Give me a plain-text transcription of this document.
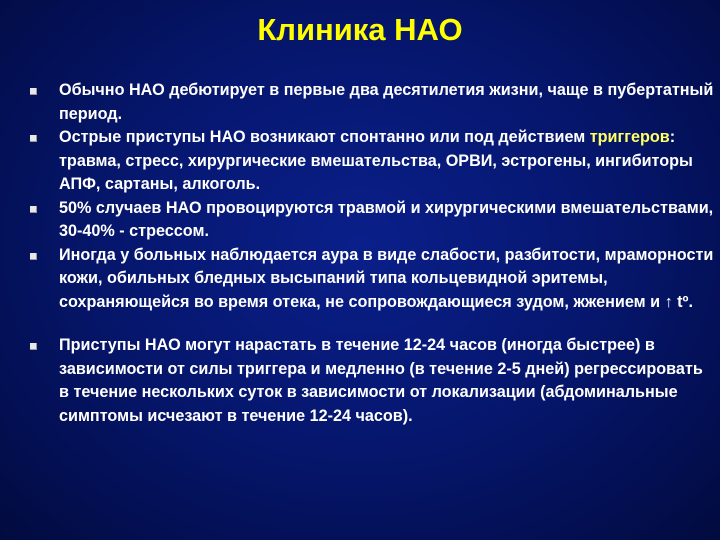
Клиника НАО
Обычно НАО дебютирует в первые два десятилетия жизни, чаще в пубертатный период.
Острые приступы НАО возникают спонтанно или под действием триггеров: травма, стресс, хирургические вмешательства, ОРВИ, эстрогены, ингибиторы АПФ, сартаны, алкоголь.
50% случаев НАО провоцируются травмой и хирургическими вмешательствами, 30-40% - стрессом.
Иногда у больных наблюдается аура в виде слабости, разбитости, мраморности кожи, обильных бледных высыпаний типа кольцевидной эритемы, сохраняющейся во время отека, не сопровождающиеся зудом, жжением и ↑ tº.
Приступы НАО могут нарастать в течение 12-24 часов (иногда быстрее) в зависимости от силы триггера и медленно (в течение 2-5 дней) регрессировать в течение нескольких суток в зависимости от локализации (абдоминальные симптомы исчезают в течение 12-24 часов).
